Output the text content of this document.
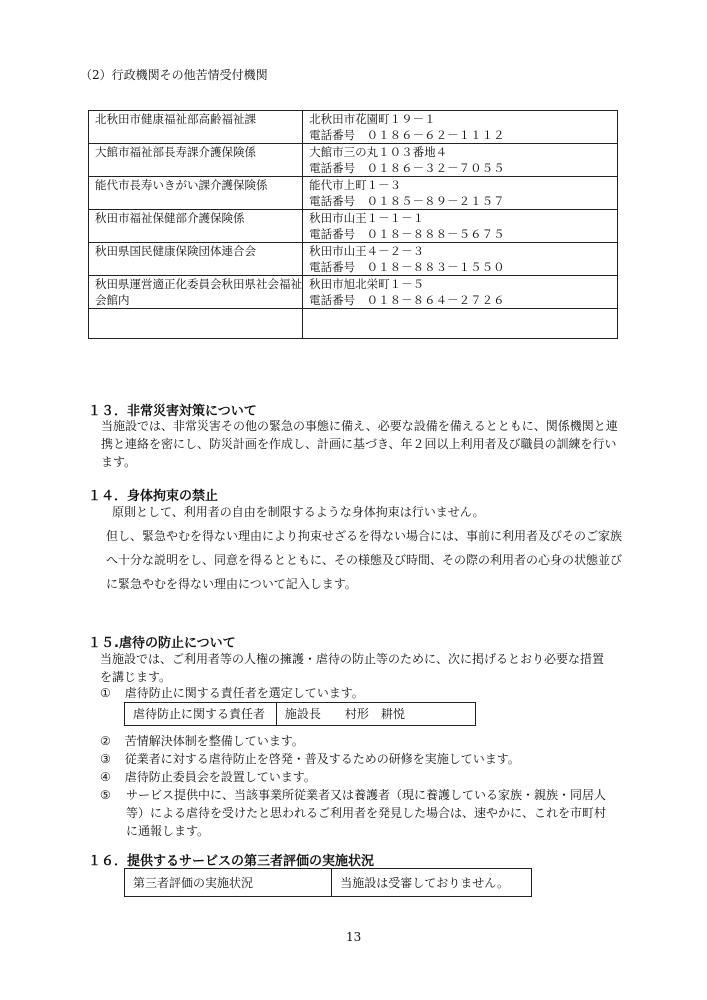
（2）行政機関その他苦情受付機関
北秋田市健康福祉部高齢福祉課	北秋田市花園町１９－１
電話番号　０１８６－６２－１１１２

大館市福祉部長寿課介護保険係	大館市三の丸１０３番地４
電話番号　０１８６－３２－７０５５

能代市長寿いきがい課介護保険係	能代市上町１－３
電話番号　０１８５－８９－２１５７

秋田市福祉保健部介護保険係	秋田市山王１－１－１
電話番号　０１８－８８８－５６７５

秋田県国民健康保険団体連合会	秋田市山王４－２－３
電話番号　０１８－８８３－１５５０

秋田県運営適正化委員会秋田県社会福祉会館内	秋田市旭北栄町１－５
電話番号　０１８－８６４－２７２６

１３．非常災害対策について
当施設では、非常災害その他の緊急の事態に備え、必要な設備を備えるとともに、関係機関と連
携と連絡を密にし、防災計画を作成し、計画に基づき、年２回以上利用者及び職員の訓練を行い
ます。
１４．身体拘束の禁止
原則として、利用者の自由を制限するような身体拘束は行いません。
但し、緊急やむを得ない理由により拘束せざるを得ない場合には、事前に利用者及びそのご家族
へ十分な説明をし、同意を得るとともに、その様態及び時間、その際の利用者の心身の状態並び
に緊急やむを得ない理由について記入します。
１５.虐待の防止について
当施設では、ご利用者等の人権の擁護・虐待の防止等のために、次に掲げるとおり必要な措置
を講じます。
① 虐待防止に関する責任者を選定しています。
虐待防止に関する責任者	施設長　　村形　耕悦
② 苦情解決体制を整備しています。
③ 従業者に対する虐待防止を啓発・普及するための研修を実施しています。
④ 虐待防止委員会を設置しています。
⑤ サービス提供中に、当該事業所従業者又は養護者（現に養護している家族・親族・同居人
等）による虐待を受けたと思われるご利用者を発見した場合は、速やかに、これを市町村
に通報します。
１６．提供するサービスの第三者評価の実施状況
第三者評価の実施状況	当施設は受審しておりません。
13
